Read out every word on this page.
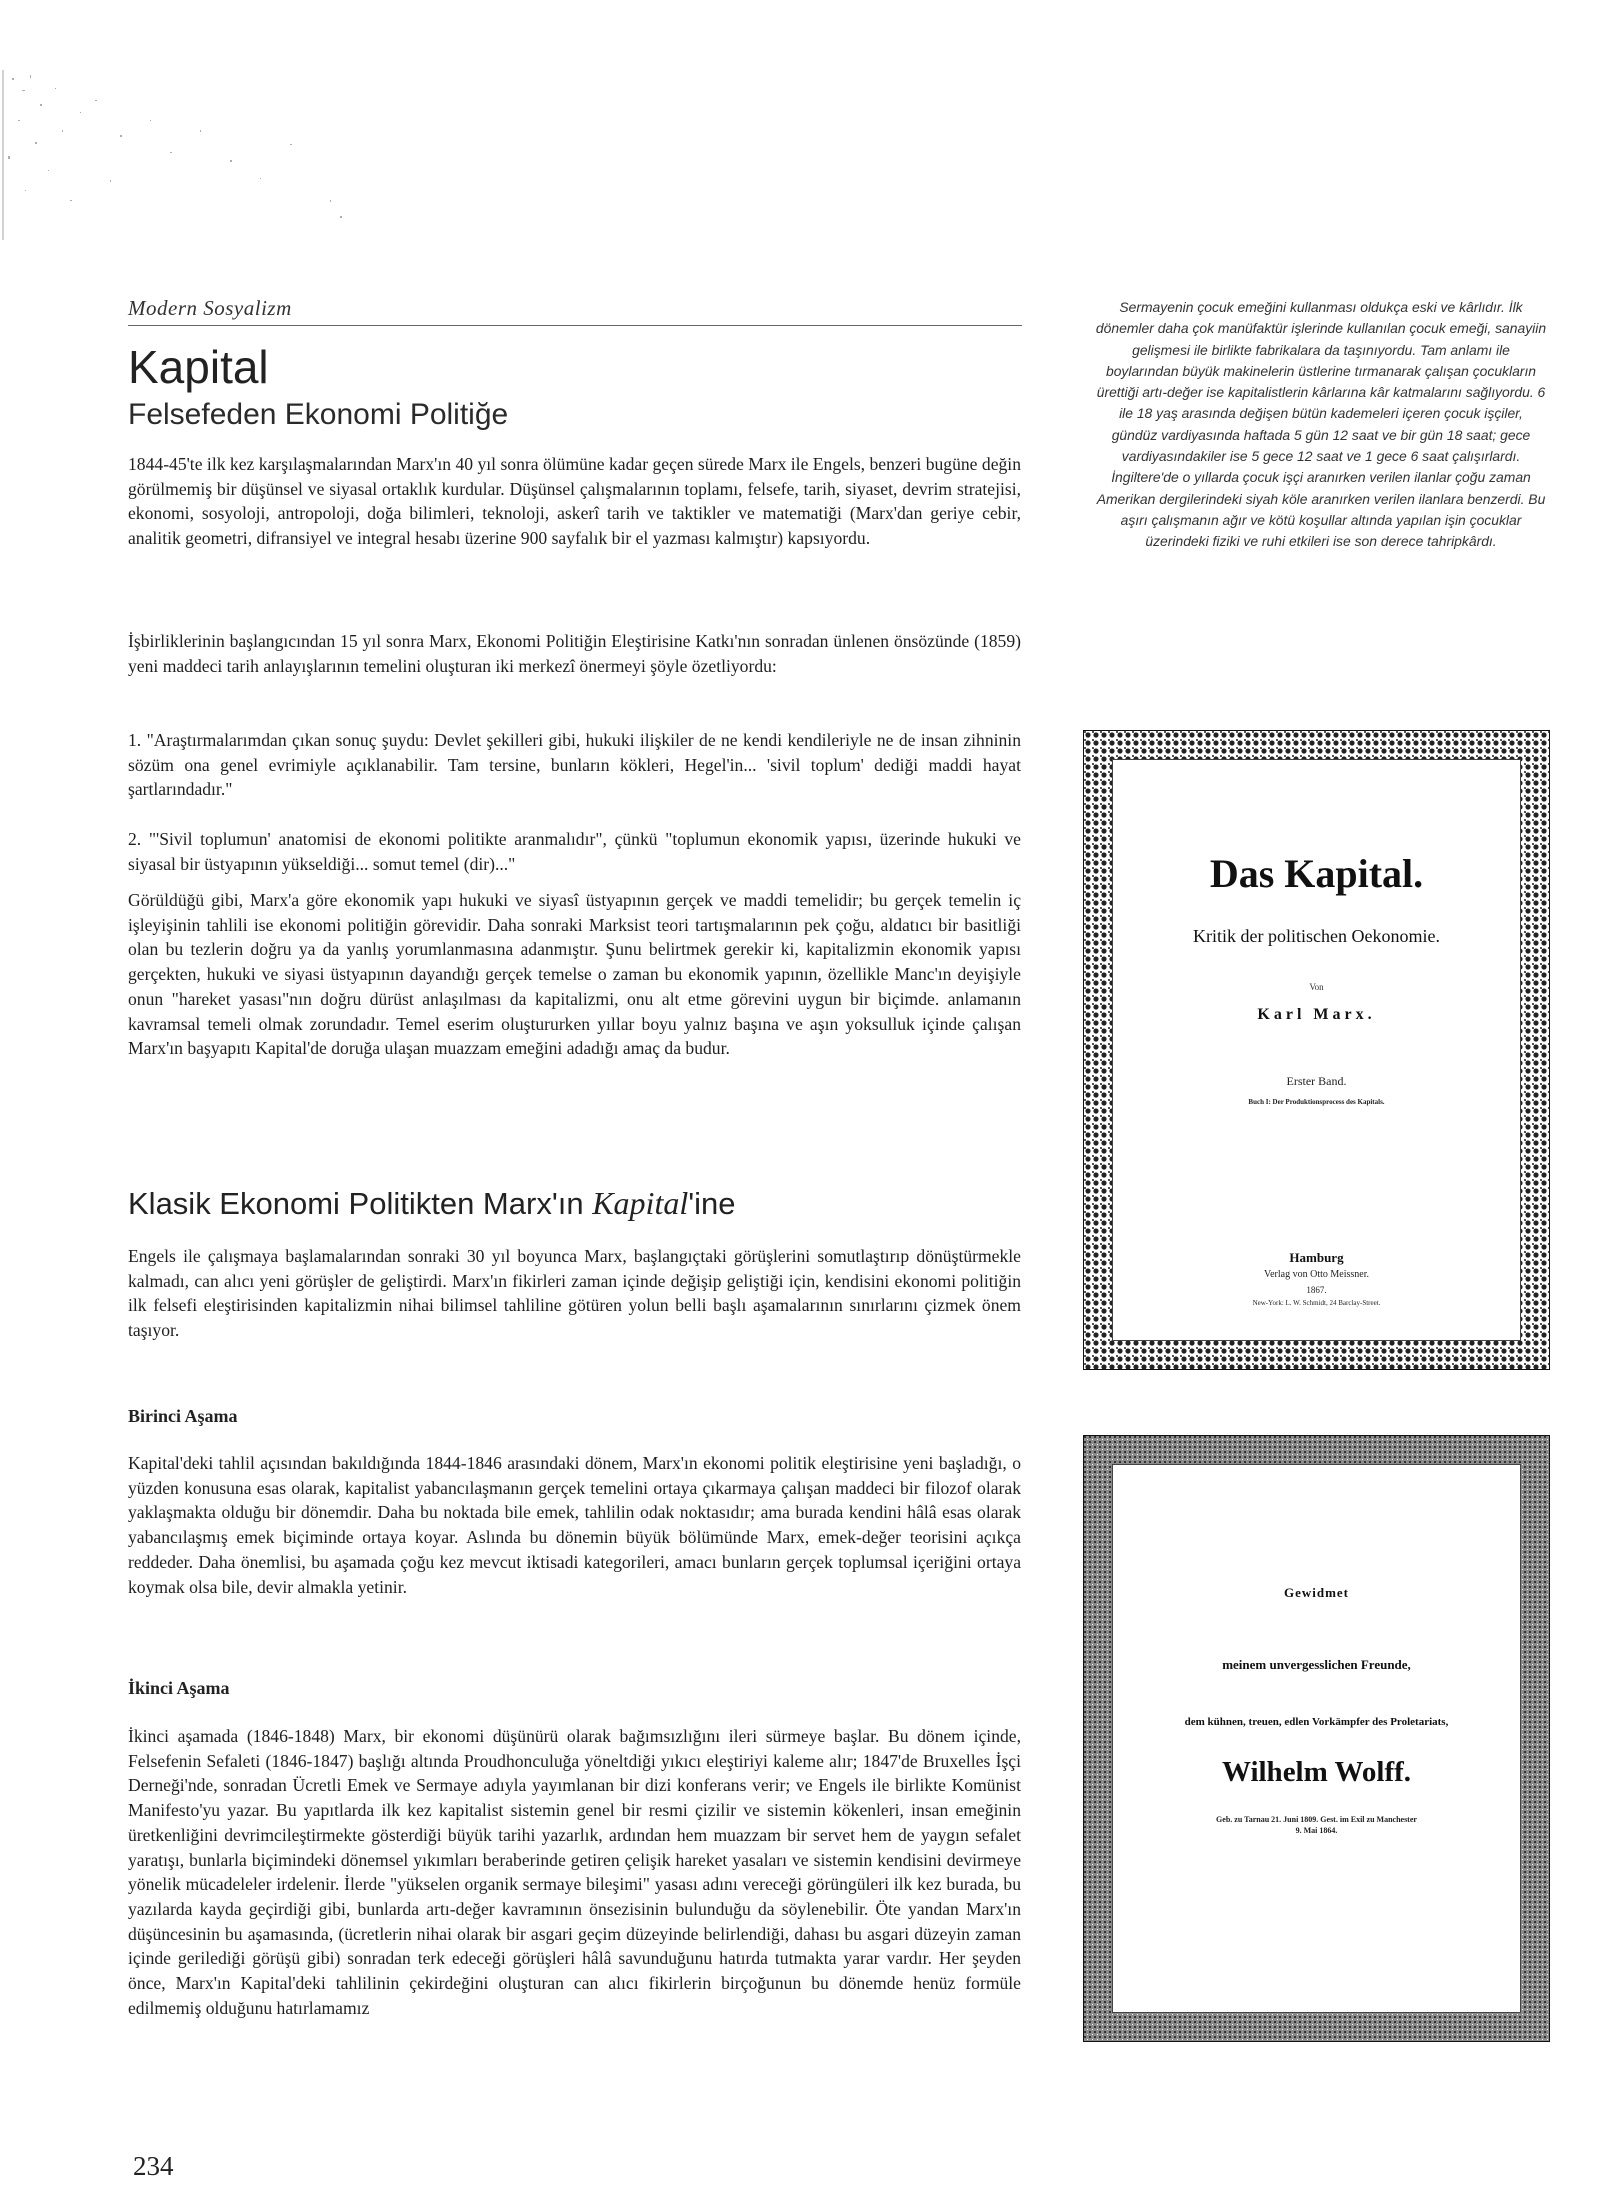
Modern Sosyalizm
Kapital
Felsefeden Ekonomi Politiğe

1844-45'te ilk kez karşılaşmalarından Marx'ın 40 yıl sonra ölümüne kadar geçen sürede Marx ile Engels, benzeri bugüne değin görülmemiş bir düşünsel ve siyasal ortaklık kurdular. Düşünsel çalışmalarının toplamı, felsefe, tarih, siyaset, devrim stratejisi, ekonomi, sosyoloji, antropoloji, doğa bilimleri, teknoloji, askerî tarih ve taktikler ve matematiği (Marx'dan geriye cebir, analitik geometri, difransiyel ve integral hesabı üzerine 900 sayfalık bir el yazması kalmıştır) kapsıyordu.

İşbirliklerinin başlangıcından 15 yıl sonra Marx, Ekonomi Politiğin Eleştirisine Katkı'nın sonradan ünlenen önsözünde (1859) yeni maddeci tarih anlayışlarının temelini oluşturan iki merkezî önermeyi şöyle özetliyordu:

1. "Araştırmalarımdan çıkan sonuç şuydu: Devlet şekilleri gibi, hukuki ilişkiler de ne kendi kendileriyle ne de insan zihninin sözüm ona genel evrimiyle açıklanabilir. Tam tersine, bunların kökleri, Hegel'in... 'sivil toplum' dediği maddi hayat şartlarındadır."

2. "'Sivil toplumun' anatomisi de ekonomi politikte aranmalıdır", çünkü "toplumun ekonomik yapısı, üzerinde hukuki ve siyasal bir üstyapının yükseldiği... somut temel (dir)..."

Görüldüğü gibi, Marx'a göre ekonomik yapı hukuki ve siyasî üstyapının gerçek ve maddi temelidir; bu gerçek temelin iç işleyişinin tahlili ise ekonomi politiğin görevidir. Daha sonraki Marksist teori tartışmalarının pek çoğu, aldatıcı bir basitliği olan bu tezlerin doğru ya da yanlış yorumlanmasına adanmıştır. Şunu belirtmek gerekir ki, kapitalizmin ekonomik yapısı gerçekten, hukuki ve siyasi üstyapının dayandığı gerçek temelse o zaman bu ekonomik yapının, özellikle Manc'ın deyişiyle onun "hareket yasası"nın doğru dürüst anlaşılması da kapitalizmi, onu alt etme görevini uygun bir biçimde. anlamanın kavramsal temeli olmak zorundadır. Temel eserim oluştururken yıllar boyu yalnız başına ve aşın yoksulluk içinde çalışan Marx'ın başyapıtı Kapital'de doruğa ulaşan muazzam emeğini adadığı amaç da budur.

Klasik Ekonomi Politikten Marx'ın Kapital'ine

Engels ile çalışmaya başlamalarından sonraki 30 yıl boyunca Marx, başlangıçtaki görüşlerini somutlaştırıp dönüştürmekle kalmadı, can alıcı yeni görüşler de geliştirdi. Marx'ın fikirleri zaman içinde değişip geliştiği için, kendisini ekonomi politiğin ilk felsefi eleştirisinden kapitalizmin nihai bilimsel tahliline götüren yolun belli başlı aşamalarının sınırlarını çizmek önem taşıyor.

Birinci Aşama

Kapital'deki tahlil açısından bakıldığında 1844-1846 arasındaki dönem, Marx'ın ekonomi politik eleştirisine yeni başladığı, o yüzden konusuna esas olarak, kapitalist yabancılaşmanın gerçek temelini ortaya çıkarmaya çalışan maddeci bir filozof olarak yaklaşmakta olduğu bir dönemdir. Daha bu noktada bile emek, tahlilin odak noktasıdır; ama burada kendini hâlâ esas olarak yabancılaşmış emek biçiminde ortaya koyar. Aslında bu dönemin büyük bölümünde Marx, emek-değer teorisini açıkça reddeder. Daha önemlisi, bu aşamada çoğu kez mevcut iktisadi kategorileri, amacı bunların gerçek toplumsal içeriğini ortaya koymak olsa bile, devir almakla yetinir.

İkinci Aşama

İkinci aşamada (1846-1848) Marx, bir ekonomi düşünürü olarak bağımsızlığını ileri sürmeye başlar. Bu dönem içinde, Felsefenin Sefaleti (1846-1847) başlığı altında Proudhonculuğa yöneltdiği yıkıcı eleştiriyi kaleme alır; 1847'de Bruxelles İşçi Derneği'nde, sonradan Ücretli Emek ve Sermaye adıyla yayımlanan bir dizi konferans verir; ve Engels ile birlikte Komünist Manifesto'yu yazar. Bu yapıtlarda ilk kez kapitalist sistemin genel bir resmi çizilir ve sistemin kökenleri, insan emeğinin üretkenliğini devrimcileştirmekte gösterdiği büyük tarihi yazarlık, ardından hem muazzam bir servet hem de yaygın sefalet yaratışı, bunlarla biçimindeki dönemsel yıkımları beraberinde getiren çelişik hareket yasaları ve sistemin kendisini devirmeye yönelik mücadeleler irdelenir. İlerde "yükselen organik sermaye bileşimi" yasası adını vereceği görüngüleri ilk kez burada, bu yazılarda kayda geçirdiği gibi, bunlarda artı-değer kavramının önsezisinin bulunduğu da söylenebilir. Öte yandan Marx'ın düşüncesinin bu aşamasında, (ücretlerin nihai olarak bir asgari geçim düzeyinde belirlendiği, dahası bu asgari düzeyin zaman içinde gerilediği görüşü gibi) sonradan terk edeceği görüşleri hâlâ savunduğunu hatırda tutmakta yarar vardır. Her şeyden önce, Marx'ın Kapital'deki tahlilinin çekirdeğini oluşturan can alıcı fikirlerin birçoğunun bu dönemde henüz formüle edilmemiş olduğunu hatırlamamız

Sermayenin çocuk emeğini kullanması oldukça eski ve kârlıdır. İlk dönemler daha çok manüfaktür işlerinde kullanılan çocuk emeği, sanayiin gelişmesi ile birlikte fabrikalara da taşınıyordu. Tam anlamı ile boylarından büyük makinelerin üstlerine tırmanarak çalışan çocukların ürettiği artı-değer ise kapitalistlerin kârlarına kâr katmalarını sağlıyordu. 6 ile 18 yaş arasında değişen bütün kademeleri içeren çocuk işçiler, gündüz vardiyasında haftada 5 gün 12 saat ve bir gün 18 saat; gece vardiyasındakiler ise 5 gece 12 saat ve 1 gece 6 saat çalışırlardı. İngiltere'de o yıllarda çocuk işçi aranırken verilen ilanlar çoğu zaman Amerikan dergilerindeki siyah köle aranırken verilen ilanlara benzerdi. Bu aşırı çalışmanın ağır ve kötü koşullar altında yapılan işin çocuklar üzerindeki fiziki ve ruhi etkileri ise son derece tahripkârdı.
Das Kapital.
Kritik der politischen Oekonomie.
Von
Karl Marx.
Erster Band.
Buch I: Der Produktionsprocess des Kapitals.
Hamburg
Verlag von Otto Meissner.
1867.
New-York: L. W. Schmidt, 24 Barclay-Street.
Gewidmet
meinem unvergesslichen Freunde,
dem kühnen, treuen, edlen Vorkämpfer des Proletariats,
Wilhelm Wolff.
Geb. zu Tarnau 21. Juni 1809. Gest. im Exil zu Manchester
9. Mai 1864.
234
